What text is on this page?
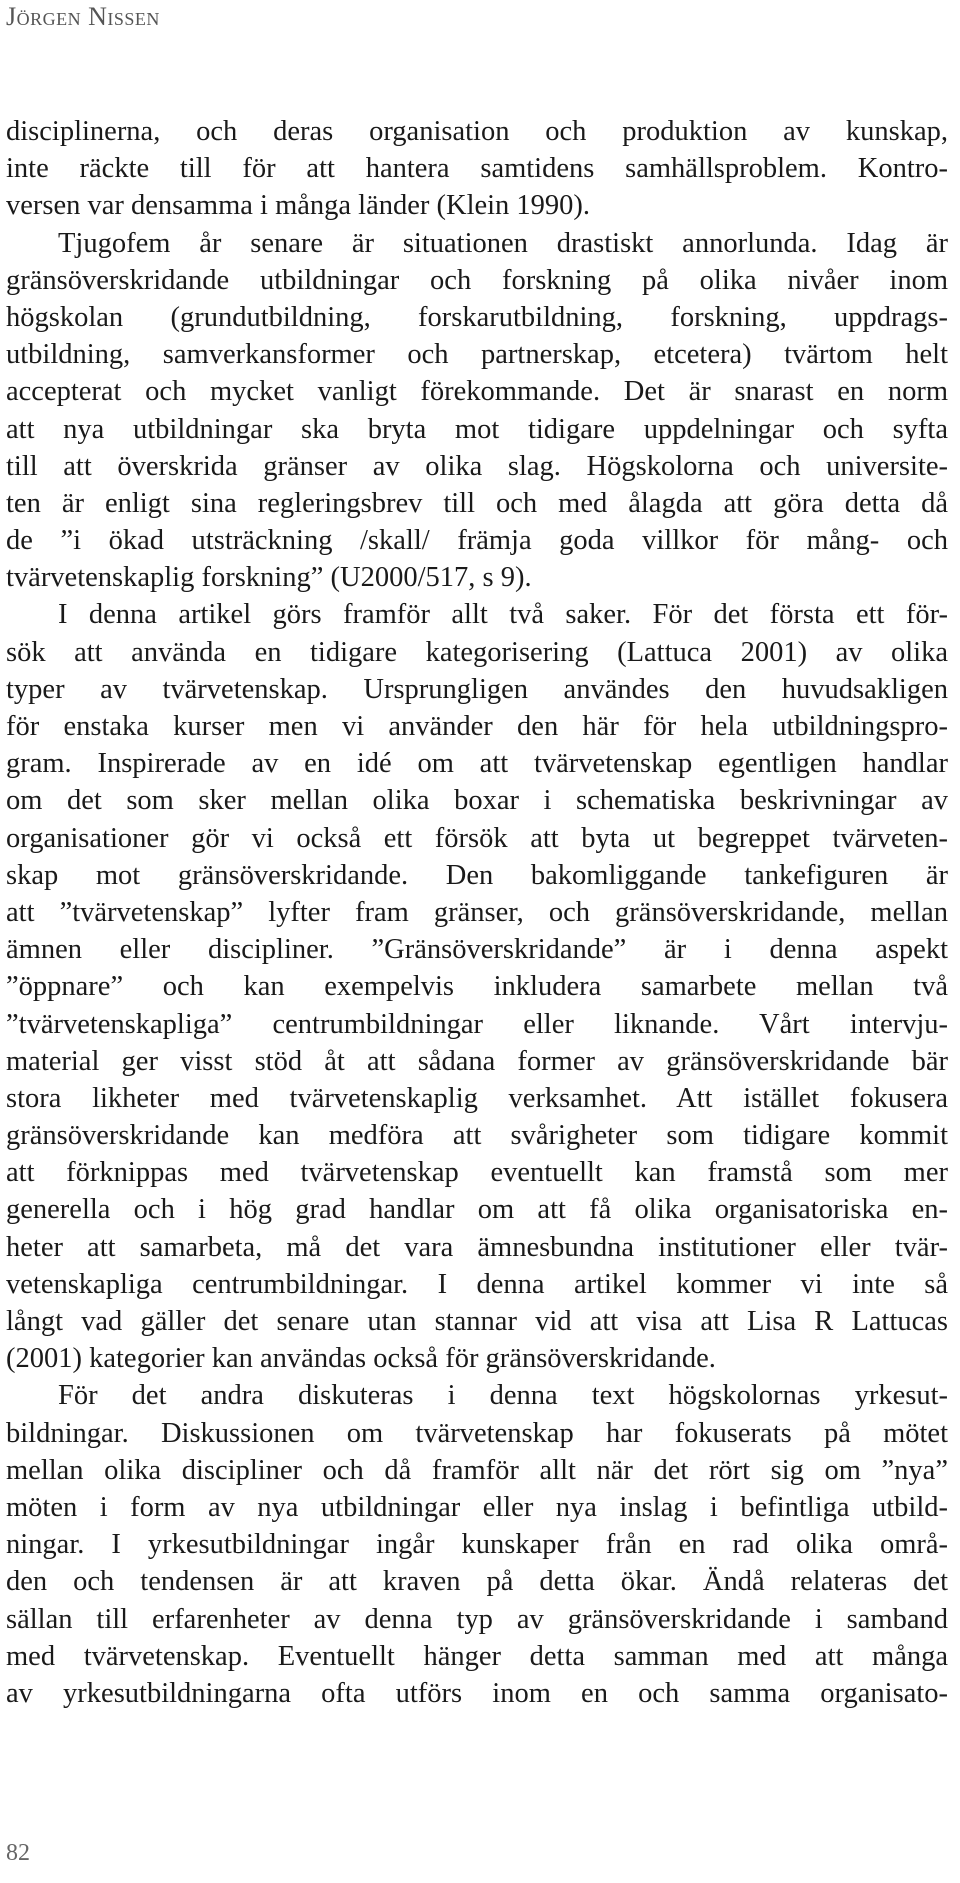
Jörgen Nissen
disciplinerna, och deras organisation och produktion av kunskap,
inte räckte till för att hantera samtidens samhällsproblem. Kontro-
versen var densamma i många länder (Klein 1990).
Tjugofem år senare är situationen drastiskt annorlunda. Idag är
gränsöverskridande utbildningar och forskning på olika nivåer inom
högskolan (grundutbildning, forskarutbildning, forskning, uppdrags-
utbildning, samverkansformer och partnerskap, etcetera) tvärtom helt
accepterat och mycket vanligt förekommande. Det är snarast en norm
att nya utbildningar ska bryta mot tidigare uppdelningar och syfta
till att överskrida gränser av olika slag. Högskolorna och universite-
ten är enligt sina regleringsbrev till och med ålagda att göra detta då
de ”i ökad utsträckning /skall/ främja goda villkor för mång- och
tvärvetenskaplig forskning” (U2000/517, s 9).
I denna artikel görs framför allt två saker. För det första ett för-
sök att använda en tidigare kategorisering (Lattuca 2001) av olika
typer av tvärvetenskap. Ursprungligen användes den huvudsakligen
för enstaka kurser men vi använder den här för hela utbildningspro-
gram. Inspirerade av en idé om att tvärvetenskap egentligen handlar
om det som sker mellan olika boxar i schematiska beskrivningar av
organisationer gör vi också ett försök att byta ut begreppet tvärveten-
skap mot gränsöverskridande. Den bakomliggande tankefiguren är
att ”tvärvetenskap” lyfter fram gränser, och gränsöverskridande, mellan
ämnen eller discipliner. ”Gränsöverskridande” är i denna aspekt
”öppnare” och kan exempelvis inkludera samarbete mellan två
”tvärvetenskapliga” centrumbildningar eller liknande. Vårt intervju-
material ger visst stöd åt att sådana former av gränsöverskridande bär
stora likheter med tvärvetenskaplig verksamhet. Att istället fokusera
gränsöverskridande kan medföra att svårigheter som tidigare kommit
att förknippas med tvärvetenskap eventuellt kan framstå som mer
generella och i hög grad handlar om att få olika organisatoriska en-
heter att samarbeta, må det vara ämnesbundna institutioner eller tvär-
vetenskapliga centrumbildningar. I denna artikel kommer vi inte så
långt vad gäller det senare utan stannar vid att visa att Lisa R Lattucas
(2001) kategorier kan användas också för gränsöverskridande.
För det andra diskuteras i denna text högskolornas yrkesut-
bildningar. Diskussionen om tvärvetenskap har fokuserats på mötet
mellan olika discipliner och då framför allt när det rört sig om ”nya”
möten i form av nya utbildningar eller nya inslag i befintliga utbild-
ningar. I yrkesutbildningar ingår kunskaper från en rad olika områ-
den och tendensen är att kraven på detta ökar. Ändå relateras det
sällan till erfarenheter av denna typ av gränsöverskridande i samband
med tvärvetenskap. Eventuellt hänger detta samman med att många
av yrkesutbildningarna ofta utförs inom en och samma organisato-
82
